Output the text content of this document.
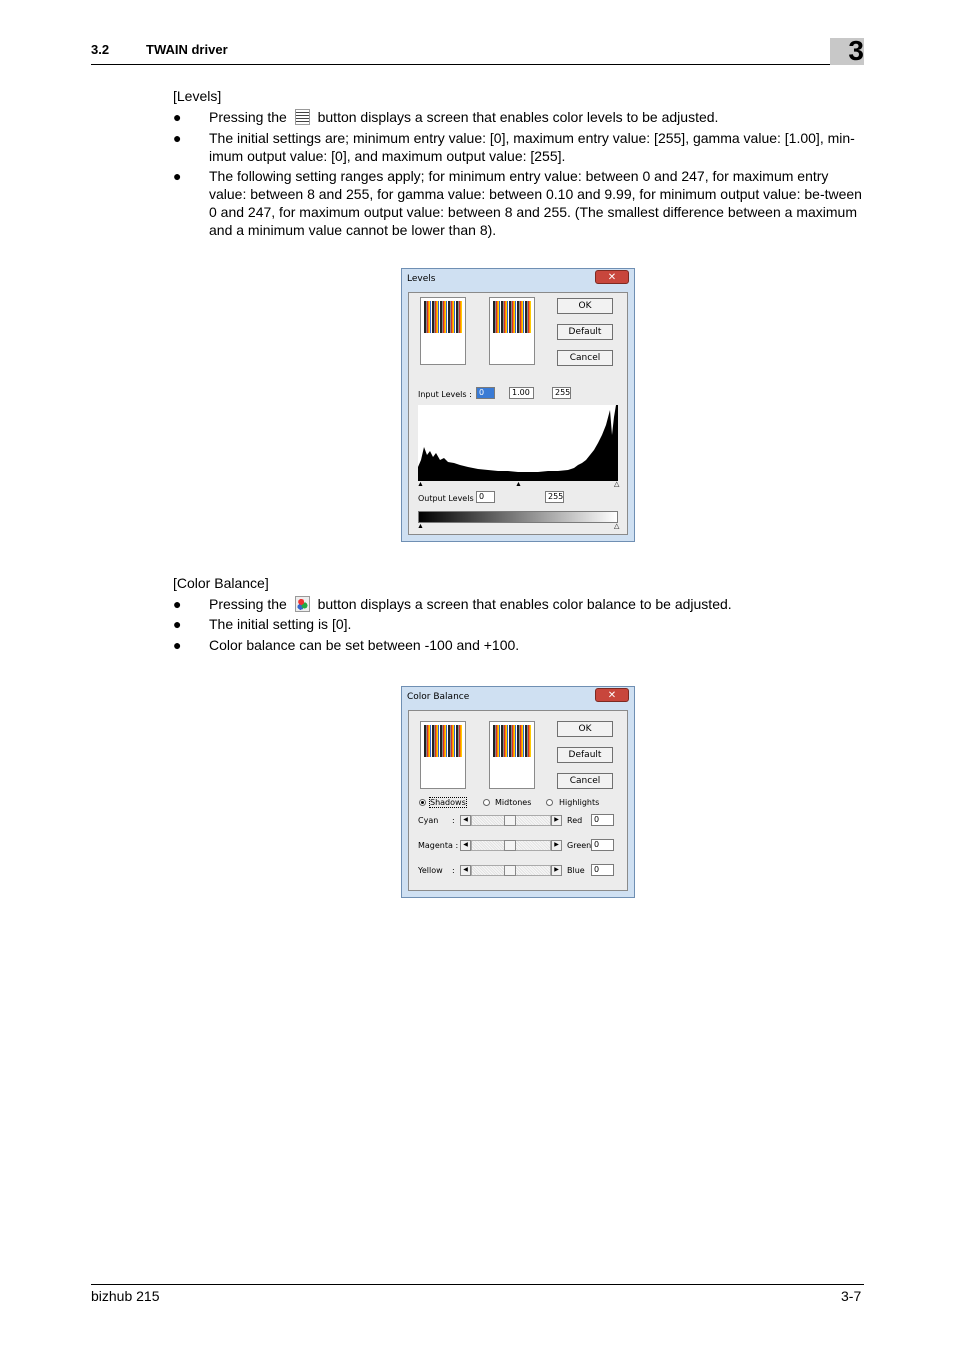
3.2	TWAIN driver	3
[Levels]
● Pressing the button displays a screen that enables color levels to be adjusted.
● The initial settings are; minimum entry value: [0], maximum entry value: [255], gamma value: [1.00], min-imum output value: [0], and maximum output value: [255].
● The following setting ranges apply; for minimum entry value: between 0 and 247, for maximum entry value: between 8 and 255, for gamma value: between 0.10 and 9.99, for minimum output value: be-tween 0 and 247, for maximum output value: between 8 and 255. (The smallest difference between a maximum and a minimum value cannot be lower than 8).
Levels	✕
OK
Default
Cancel
Input Levels : 0	1.00	255
▲	▲	△
Output Levels 0	255
▲	△
[Color Balance]
● Pressing the button displays a screen that enables color balance to be adjusted.
● The initial setting is [0].
● Color balance can be set between -100 and +100.
Color Balance	✕
OK
Default
Cancel
Shadows	Midtones	Highlights
Cyan :	◀	▶	Red	0
Magenta : ◀	▶	Green 0
Yellow :	◀	▶	Blue	0
bizhub 215	3-7
